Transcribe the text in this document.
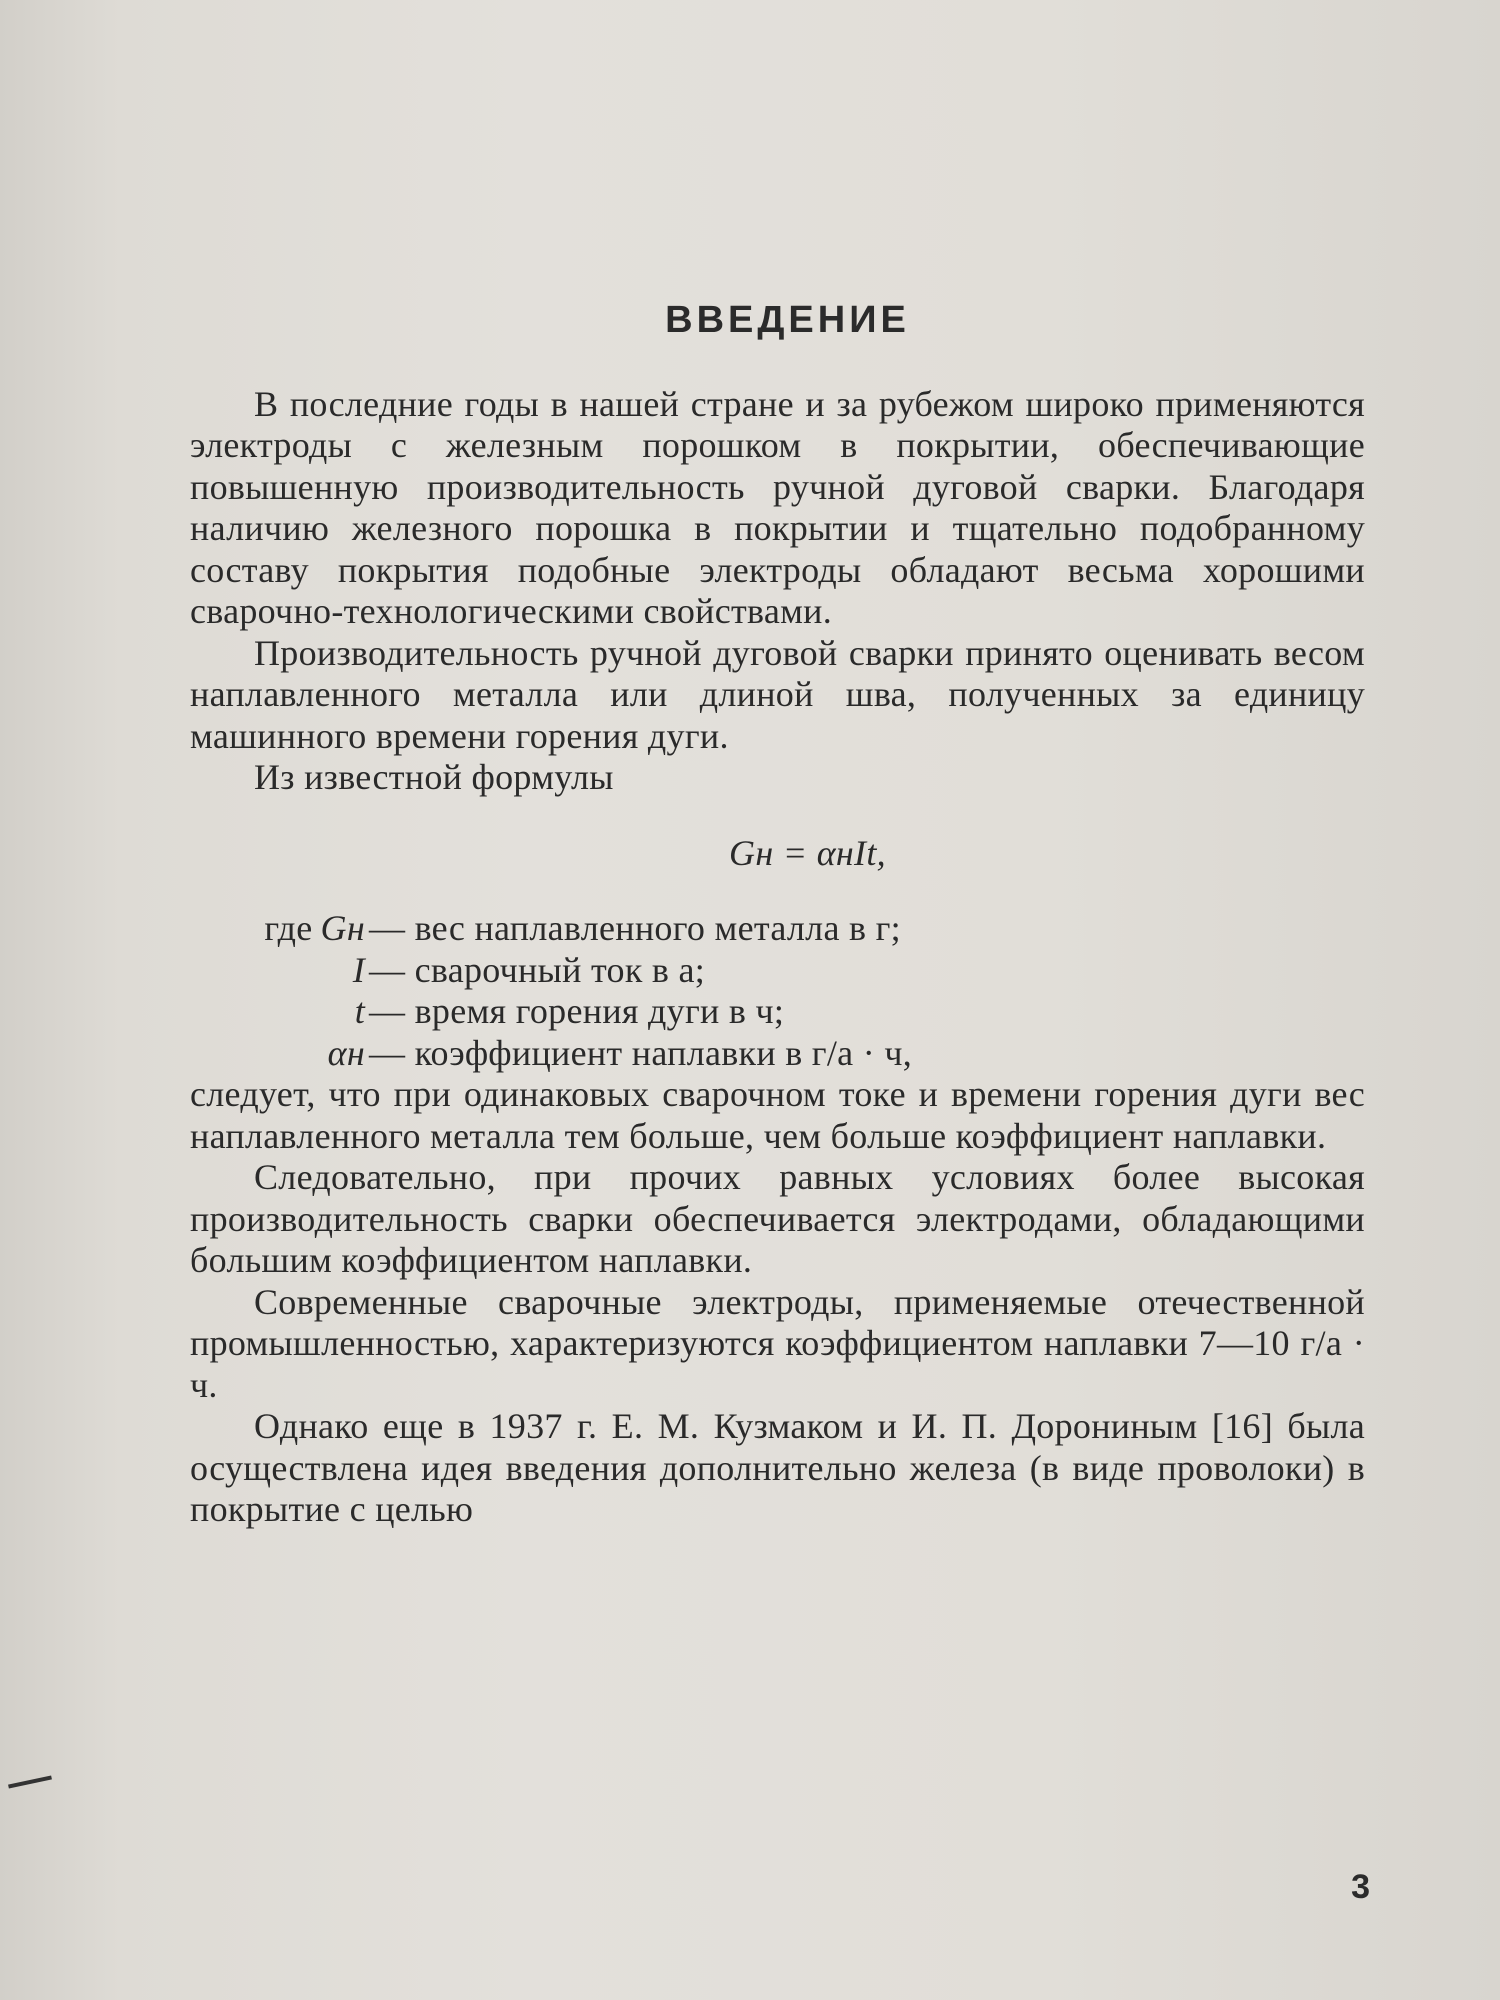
ВВЕДЕНИЕ

В последние годы в нашей стране и за рубежом широко применяются электроды с железным порошком в покрытии, обеспечивающие повышенную производительность ручной дуговой сварки. Благодаря наличию железного порошка в покрытии и тщательно подобранному составу покрытия подобные электроды обладают весьма хорошими сварочно-технологическими свойствами.

Производительность ручной дуговой сварки принято оценивать весом наплавленного металла или длиной шва, полученных за единицу машинного времени горения дуги.

Из известной формулы

Gн = αнIt,
где Gн — вес наплавленного металла в г;
I — сварочный ток в а;
t — время горения дуги в ч;
αн — коэффициент наплавки в г/а · ч,

следует, что при одинаковых сварочном токе и времени горения дуги вес наплавленного металла тем больше, чем больше коэффициент наплавки.

Следовательно, при прочих равных условиях более высокая производительность сварки обеспечивается электродами, обладающими большим коэффициентом наплавки.

Современные сварочные электроды, применяемые отечественной промышленностью, характеризуются коэффициентом наплавки 7—10 г/а · ч.

Однако еще в 1937 г. Е. М. Кузмаком и И. П. Дорониным [16] была осуществлена идея введения дополнительно железа (в виде проволоки) в покрытие с целью

3
